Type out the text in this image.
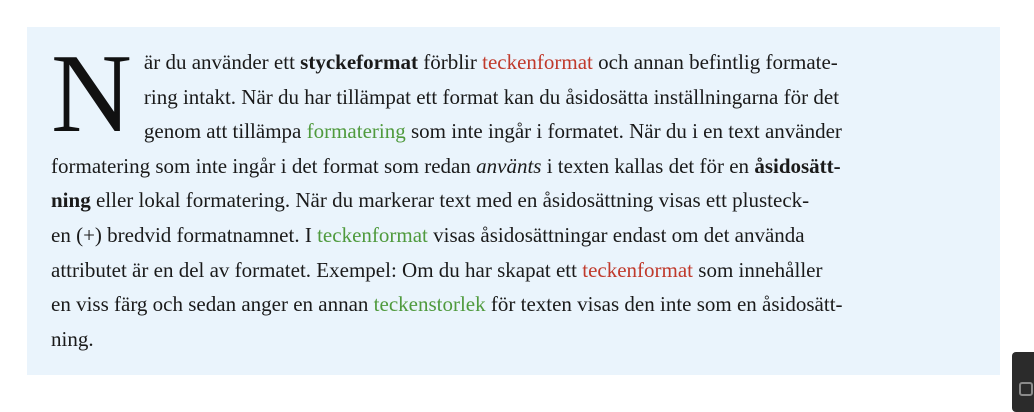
N är du använder ett styckeformat förblir teckenformat och annan befintlig formate-
ring intakt. När du har tillämpat ett format kan du åsidosätta inställningarna för det
genom att tillämpa formatering som inte ingår i formatet. När du i en text använder
formatering som inte ingår i det format som redan använts i texten kallas det för en åsidosätt-
ning eller lokal formatering. När du markerar text med en åsidosättning visas ett plusteck-
en (+) bredvid formatnamnet. I teckenformat visas åsidosättningar endast om det använda
attributet är en del av formatet. Exempel: Om du har skapat ett teckenformat som innehåller
en viss färg och sedan anger en annan teckenstorlek för texten visas den inte som en åsidosätt-
ning.
